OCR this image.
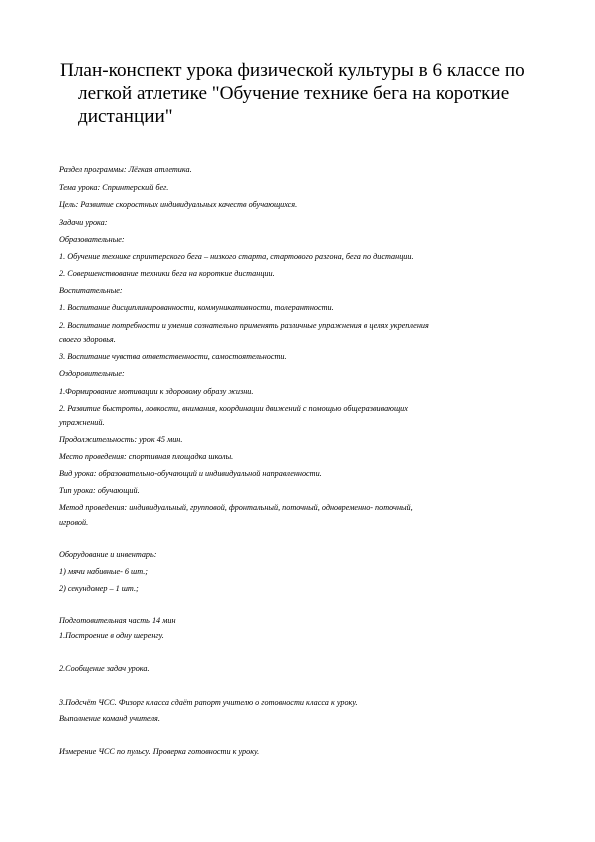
План-конспект урока физической культуры в 6 классе по
легкой атлетике "Обучение технике бега на короткие
дистанции"
Раздел программы: Лёгкая атлетика.
Тема урока: Спринтерский бег.
Цель: Развитие скоростных индивидуальных качеств обучающихся.
Задачи урока:
Образовательные:
1. Обучение технике спринтерского бега – низкого старта, стартового разгона, бега по дистанции.
2. Совершенствование техники бега на короткие дистанции.
Воспитательные:
1. Воспитание дисциплинированности, коммуникативности, толерантности.
2. Воспитание потребности и умения сознательно применять различные упражнения в целях укрепления
своего здоровья.
3. Воспитание чувства ответственности, самостоятельности.
Оздоровительные:
1.Формирование мотивации к здоровому образу жизни.
2. Развитие быстроты, ловкости, внимания, координации движений с помощью общеразвивающих
упражнений.
Продолжительность: урок 45 мин.
Место проведения: спортивная площадка школы.
Вид урока: образовательно-обучающий и индивидуальной направленности.
Тип урока: обучающий.
Метод проведения: индивидуальный, групповой, фронтальный, поточный, одновременно- поточный,
игровой.
Оборудование и инвентарь:
1) мячи набивные- 6 шт.;
2) секундомер – 1 шт.;
Подготовительная часть 14 мин
1.Построение в одну шеренгу.
2.Сообщение задач урока.
3.Подсчёт ЧСС. Физорг класса сдаёт рапорт учителю о готовности класса к уроку.
Выполнение команд учителя.
Измерение ЧСС по пульсу. Проверка готовности к уроку.
